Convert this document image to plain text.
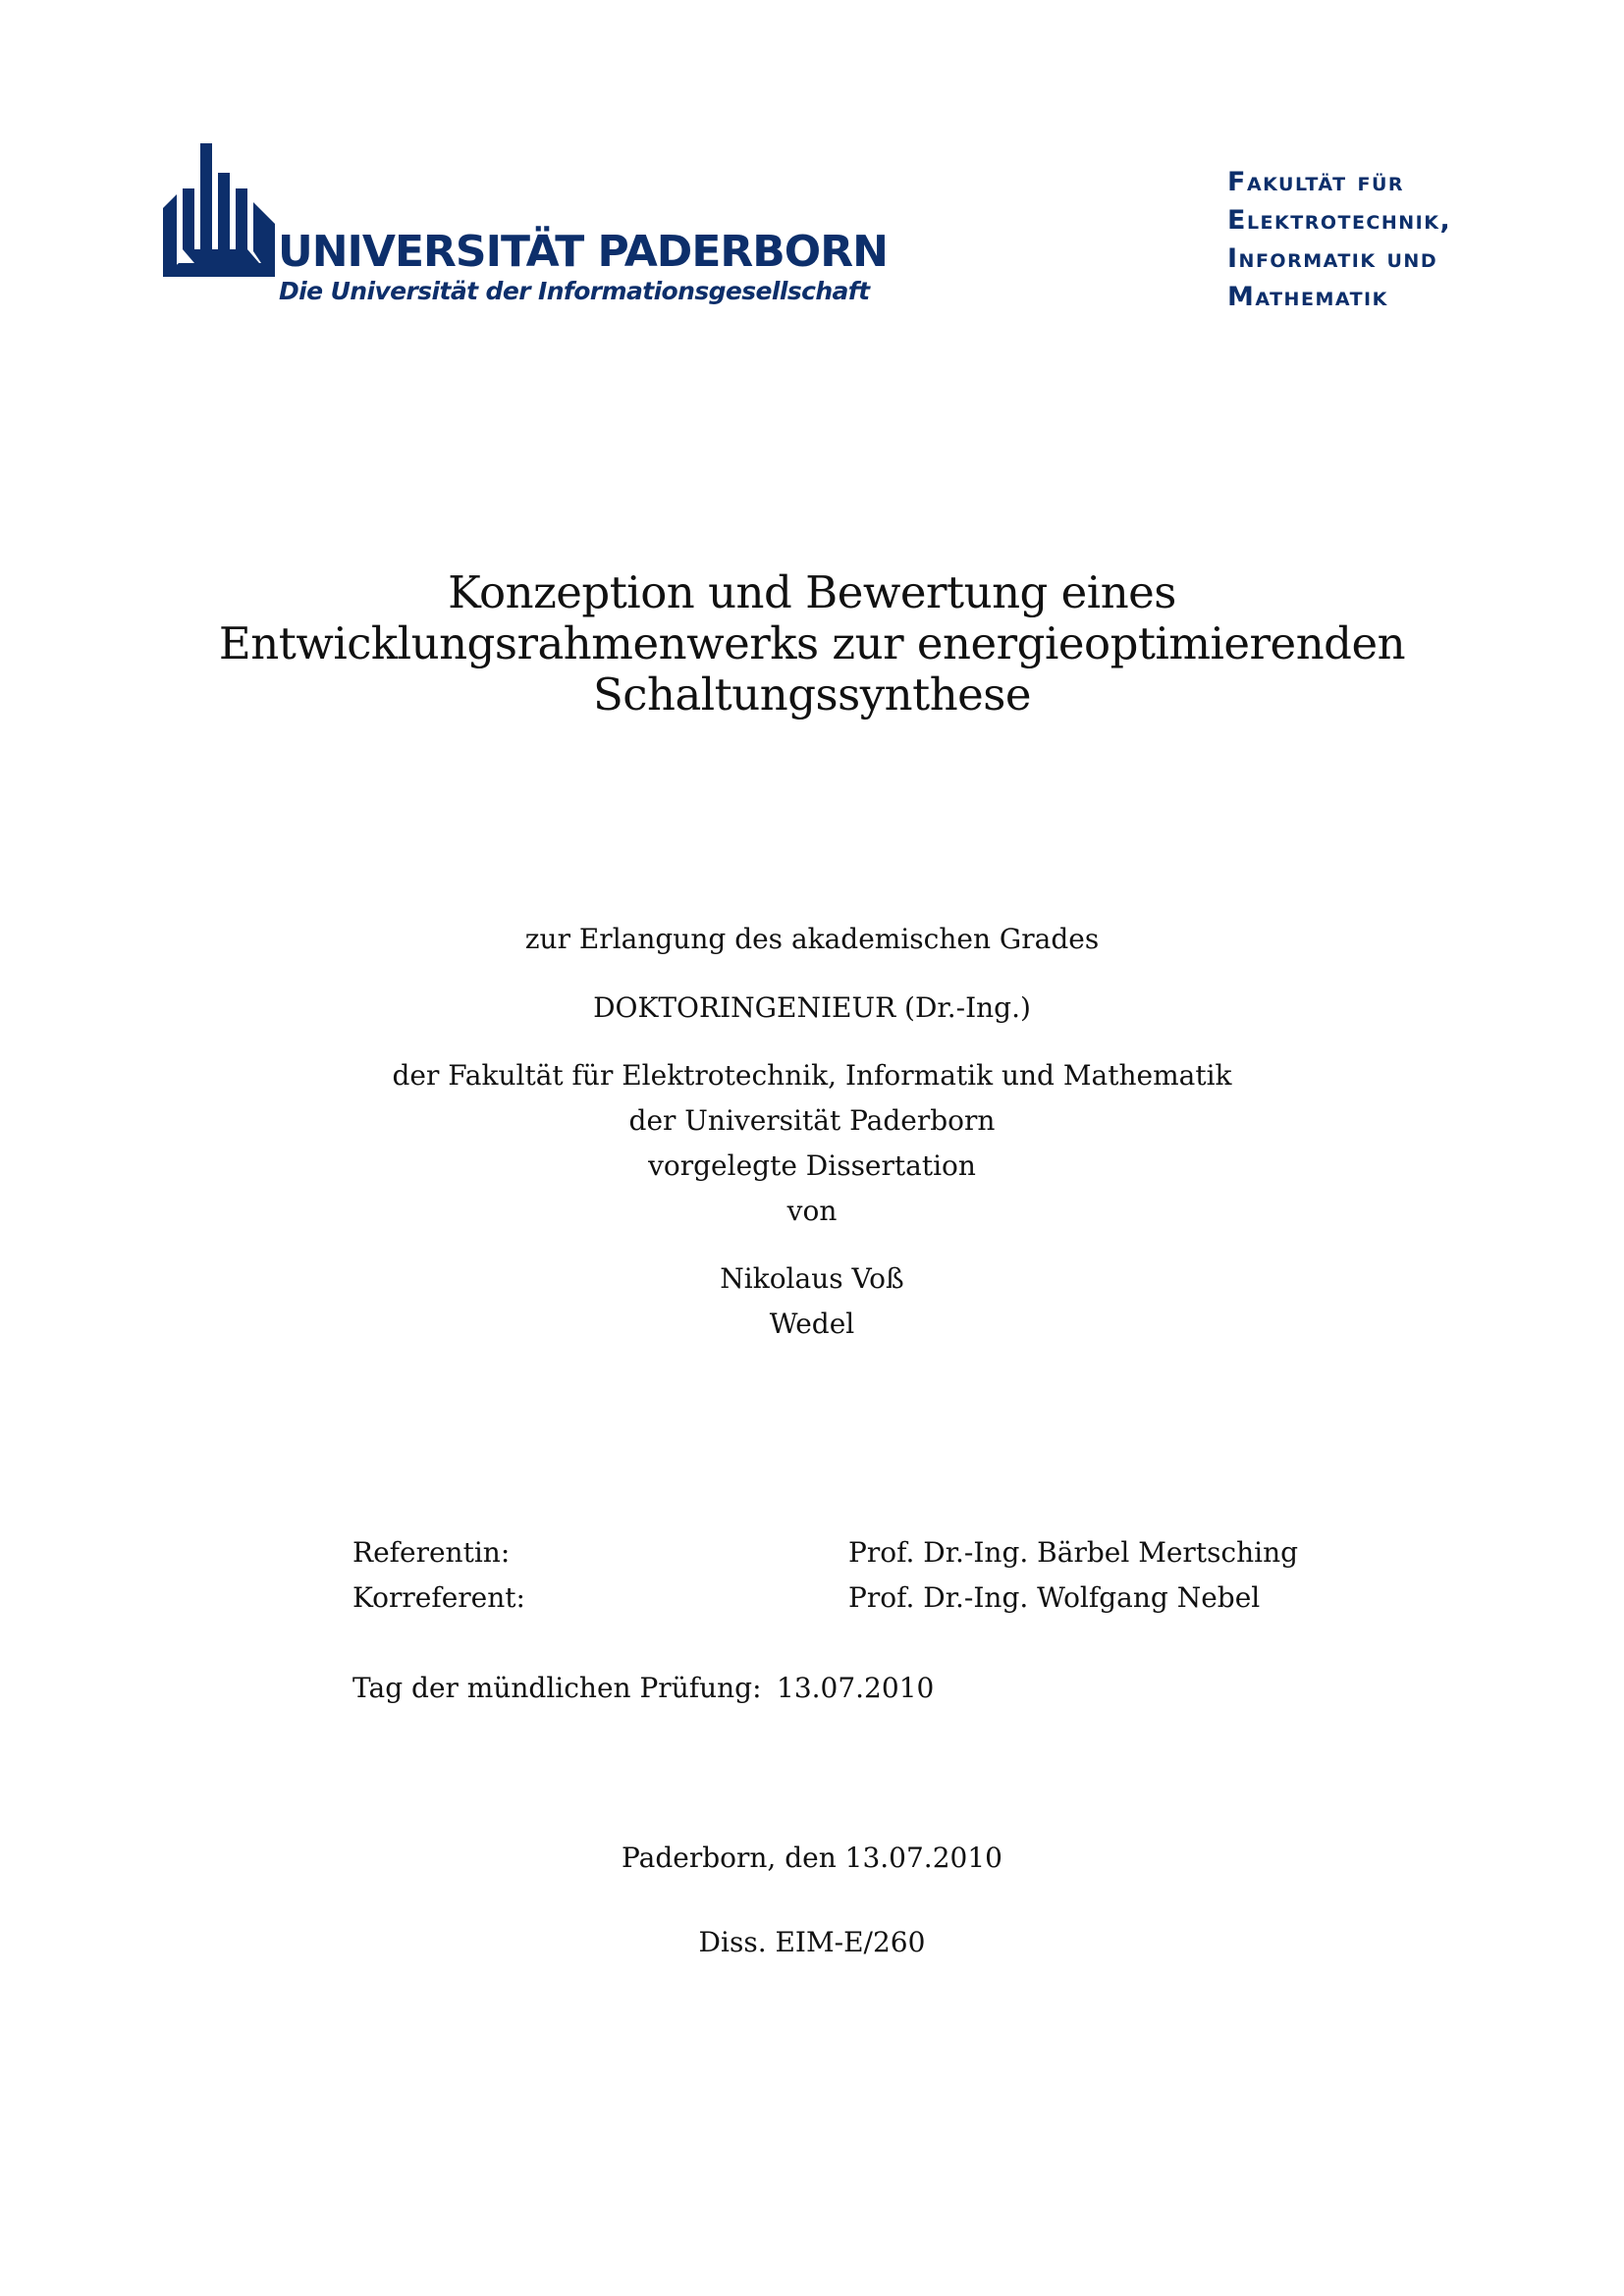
UNIVERSITÄT PADERBORN
Die Universität der Informationsgesellschaft
Fakultät für
Elektrotechnik,
Informatik und
Mathematik
Konzeption und Bewertung eines
Entwicklungsrahmenwerks zur energieoptimierenden
Schaltungssynthese
zur Erlangung des akademischen Grades
DOKTORINGENIEUR (Dr.-Ing.)
der Fakultät für Elektrotechnik, Informatik und Mathematik
der Universität Paderborn
vorgelegte Dissertation
von
Nikolaus Voß
Wedel
Referentin:	Prof. Dr.-Ing. Bärbel Mertsching
Korreferent:	Prof. Dr.-Ing. Wolfgang Nebel
Tag der mündlichen Prüfung: 13.07.2010
Paderborn, den 13.07.2010
Diss. EIM-E/260
